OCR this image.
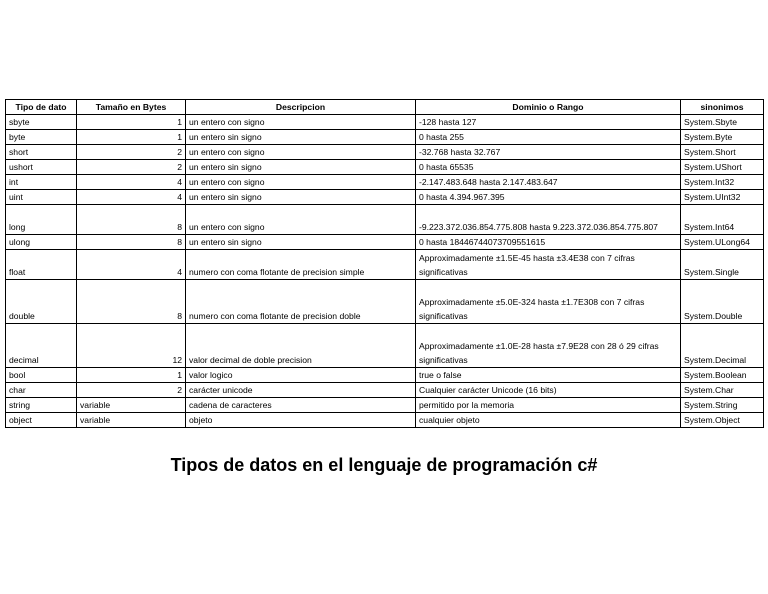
Tipo de dato	Tamaño en Bytes	Descripcion	Dominio o Rango	sinonimos
sbyte	1	un entero con signo	-128 hasta 127	System.Sbyte
byte	1	un entero sin signo	0 hasta 255	System.Byte
short	2	un entero con signo	-32.768 hasta 32.767	System.Short
ushort	2	un entero sin signo	0 hasta 65535	System.UShort
int	4	un entero con signo	-2.147.483.648 hasta 2.147.483.647	System.Int32
uint	4	un entero sin signo	0 hasta 4.394.967.395	System.UInt32
long	8	un entero con signo	-9.223.372.036.854.775.808 hasta 9.223.372.036.854.775.807	System.Int64
ulong	8	un entero sin signo	0 hasta 18446744073709551615	System.ULong64
float	4	numero con coma flotante de precision simple	Approximadamente ±1.5E-45 hasta ±3.4E38 con 7 cifras significativas	System.Single
double	8	numero con coma flotante de precision doble	Approximadamente ±5.0E-324 hasta ±1.7E308 con 7 cifras significativas	System.Double
decimal	12	valor decimal de doble precision	Approximadamente ±1.0E-28 hasta ±7.9E28 con 28 ó 29 cifras significativas	System.Decimal
bool	1	valor logico	true o false	System.Boolean
char	2	carácter unicode	Cualquier carácter Unicode (16 bits)	System.Char
string	variable	cadena de caracteres	permitido por la memoria	System.String
object	variable	objeto	cualquier objeto	System.Object
Tipos de datos en el lenguaje de programación c#
